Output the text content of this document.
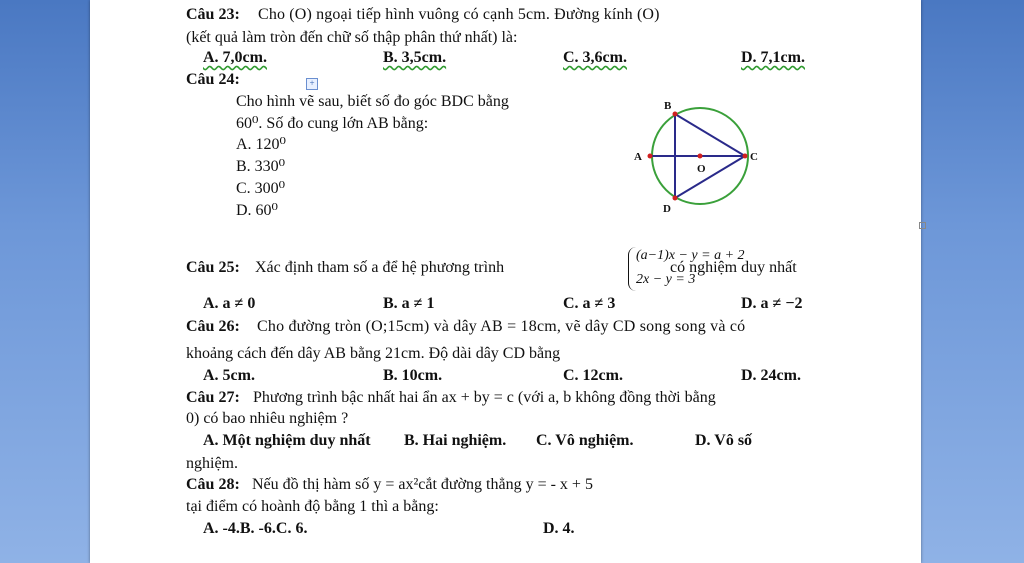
Câu 23: Cho (O) ngoại tiếp hình vuông có cạnh 5cm. Đường kính (O)
(kết quả làm tròn đến chữ số thập phân thứ nhất) là:
A. 7,0cm.	B. 3,5cm.	C. 3,6cm.	D. 7,1cm.
Câu 24:	+
Cho hình vẽ sau, biết số đo góc BDC bằng
60⁰. Số đo cung lớn AB bằng:
A. 120⁰
B. 330⁰
C. 300⁰
D. 60⁰
A
B
C
D
O
Câu 25: Xác định tham số a để hệ phương trình
(a−1)x − y = a + 2
2x − y = 3
có nghiệm duy nhất
A. a ≠ 0	B. a ≠ 1	C. a ≠ 3	D. a ≠ −2
Câu 26: Cho đường tròn (O;15cm) và dây AB = 18cm, vẽ dây CD song song và có
khoảng cách đến dây AB bằng 21cm. Độ dài dây CD bằng
A. 5cm.	B. 10cm.	C. 12cm.	D. 24cm.
Câu 27: Phương trình bậc nhất hai ẩn ax + by = c (với a, b không đồng thời bằng
0) có bao nhiêu nghiệm ?
A. Một nghiệm duy nhất B. Hai nghiệm. C. Vô nghiệm.	D. Vô số
nghiệm.
Câu 28: Nếu đồ thị hàm số y = ax²cắt đường thẳng y = - x + 5
tại điểm có hoành độ bằng 1 thì a bằng:
A. -4.B. -6.C. 6.	D. 4.
